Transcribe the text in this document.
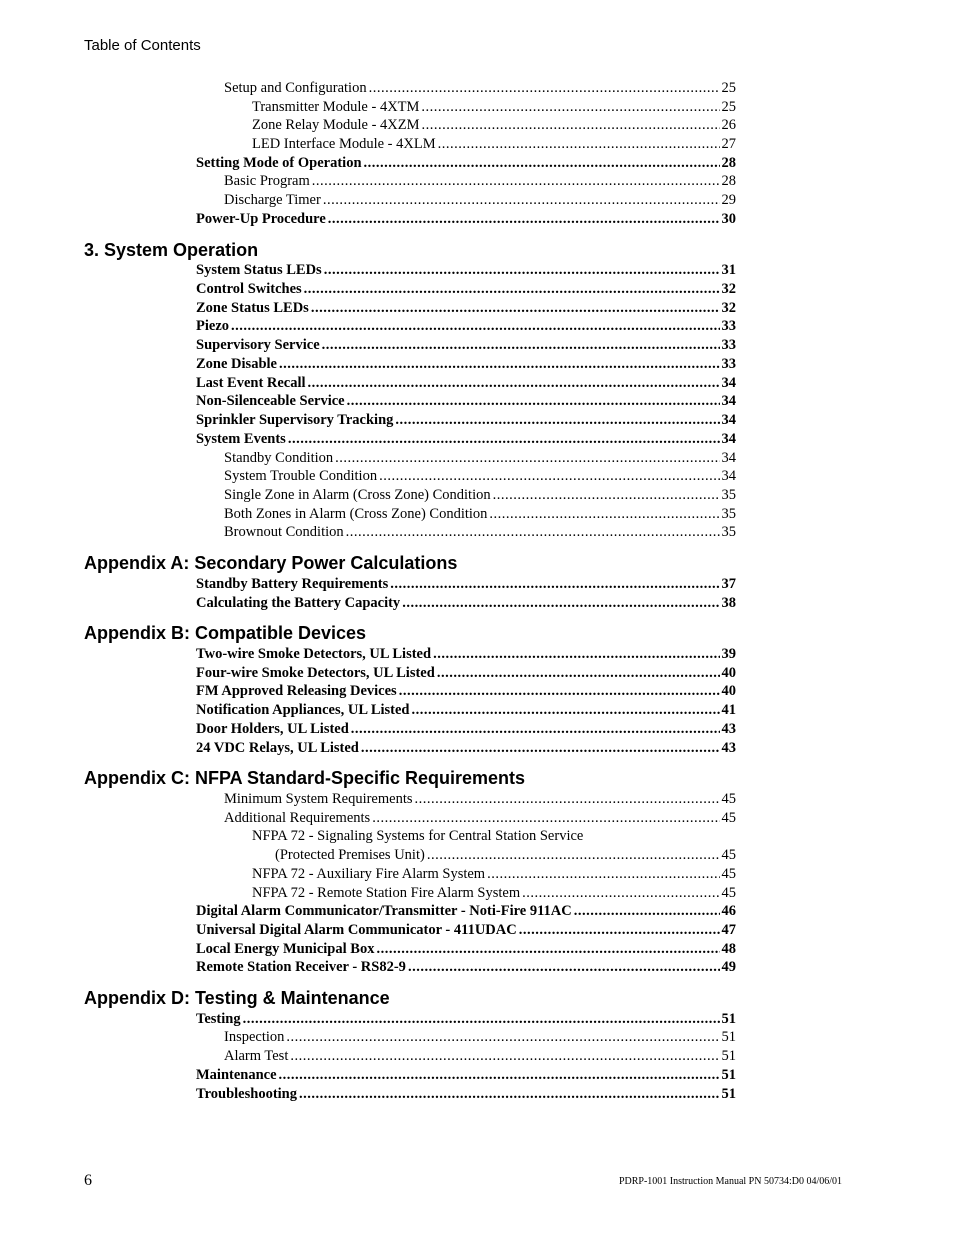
Table of Contents
Setup and Configuration .....	25
Transmitter Module - 4XTM .....	25
Zone Relay Module - 4XZM .....	26
LED Interface Module - 4XLM .....	27
Setting Mode of Operation .....	28
Basic Program .....	28
Discharge Timer .....	29
Power-Up Procedure .....	30
3. System Operation
System Status LEDs .....	31
Control Switches .....	32
Zone Status LEDs .....	32
Piezo .....	33
Supervisory Service .....	33
Zone Disable .....	33
Last Event Recall .....	34
Non-Silenceable Service .....	34
Sprinkler Supervisory Tracking .....	34
System Events .....	34
Standby Condition .....	34
System Trouble Condition .....	34
Single Zone in Alarm (Cross Zone) Condition .....	35
Both Zones in Alarm (Cross Zone) Condition .....	35
Brownout Condition .....	35
Appendix A: Secondary Power Calculations
Standby Battery Requirements .....	37
Calculating the Battery Capacity .....	38
Appendix B: Compatible Devices
Two-wire Smoke Detectors, UL Listed .....	39
Four-wire Smoke Detectors, UL Listed .....	40
FM Approved Releasing Devices .....	40
Notification Appliances, UL Listed .....	41
Door Holders, UL Listed .....	43
24 VDC Relays, UL Listed .....	43
Appendix C: NFPA Standard-Specific Requirements
Minimum System Requirements .....	45
Additional Requirements .....	45
NFPA 72 - Signaling Systems for Central Station Service
(Protected Premises Unit) .....	45
NFPA 72 - Auxiliary Fire Alarm System .....	45
NFPA 72 - Remote Station Fire Alarm System .....	45
Digital Alarm Communicator/Transmitter - Noti-Fire 911AC .....	46
Universal Digital Alarm Communicator - 411UDAC .....	47
Local Energy Municipal Box .....	48
Remote Station Receiver - RS82-9 .....	49
Appendix D: Testing & Maintenance
Testing .....	51
Inspection .....	51
Alarm Test .....	51
Maintenance .....	51
Troubleshooting .....	51
6	PDRP-1001 Instruction Manual PN 50734:D0 04/06/01
